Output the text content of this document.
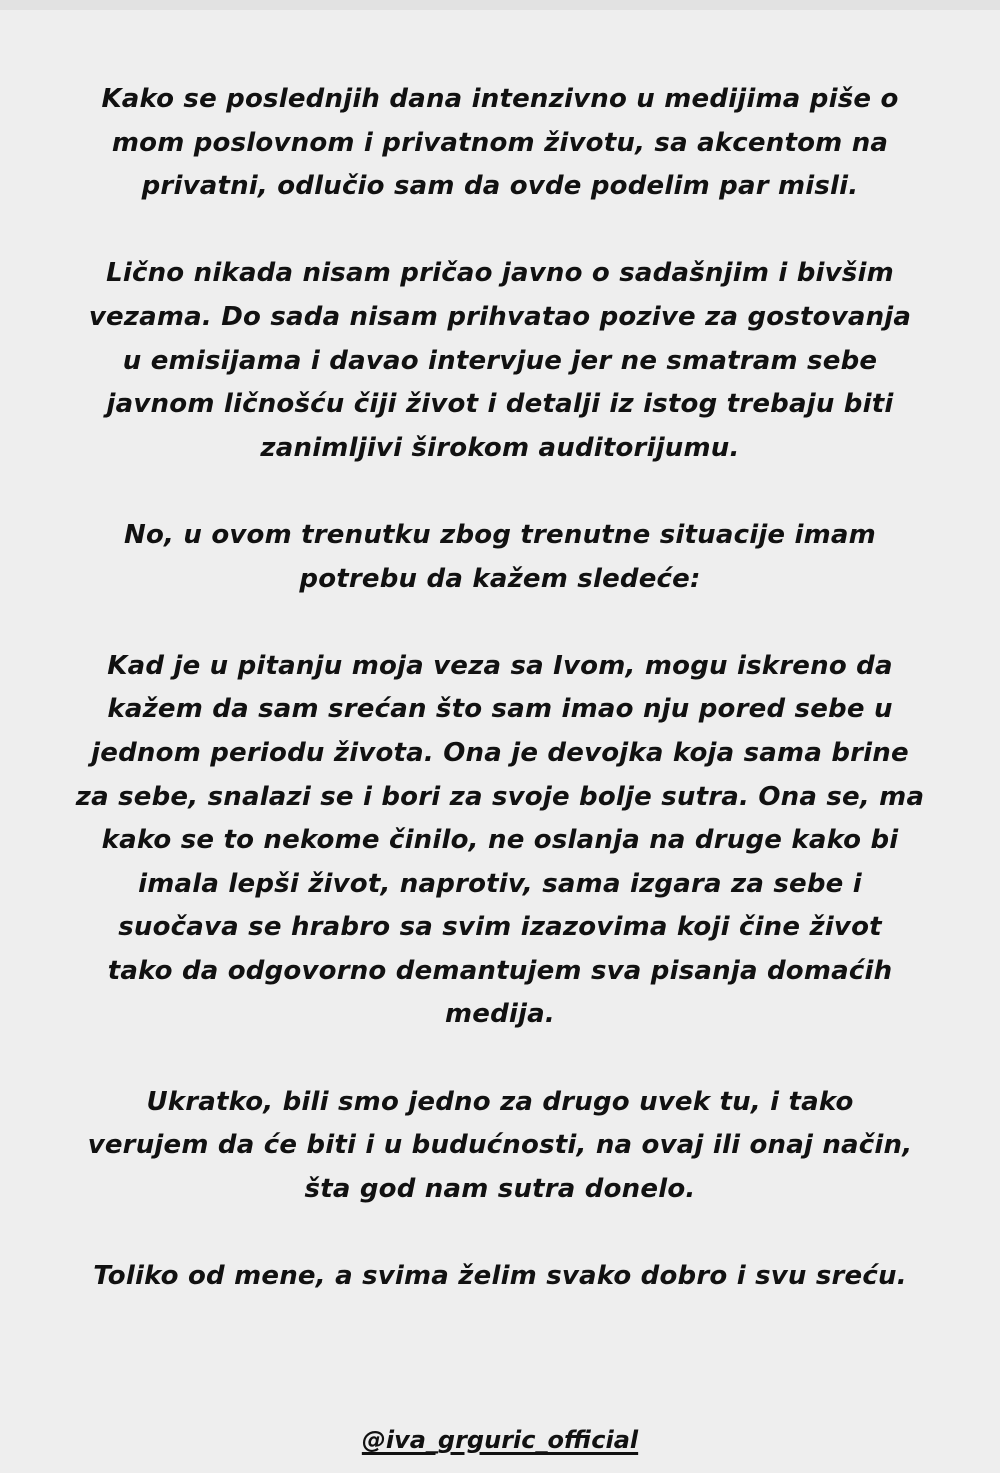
Kako se poslednjih dana intenzivno u medijima piše o
mom poslovnom i privatnom životu, sa akcentom na
privatni, odlučio sam da ovde podelim par misli.

Lično nikada nisam pričao javno o sadašnjim i bivšim
vezama. Do sada nisam prihvatao pozive za gostovanja
u emisijama i davao intervjue jer ne smatram sebe
javnom ličnošću čiji život i detalji iz istog trebaju biti
zanimljivi širokom auditorijumu.

No, u ovom trenutku zbog trenutne situacije imam
potrebu da kažem sledeće:

Kad je u pitanju moja veza sa Ivom, mogu iskreno da
kažem da sam srećan što sam imao nju pored sebe u
jednom periodu života. Ona je devojka koja sama brine
za sebe, snalazi se i bori za svoje bolje sutra. Ona se, ma
kako se to nekome činilo, ne oslanja na druge kako bi
imala lepši život, naprotiv, sama izgara za sebe i
suočava se hrabro sa svim izazovima koji čine život
tako da odgovorno demantujem sva pisanja domaćih
medija.

Ukratko, bili smo jedno za drugo uvek tu, i tako
verujem da će biti i u budućnosti, na ovaj ili onaj način,
šta god nam sutra donelo.

Toliko od mene, a svima želim svako dobro i svu sreću.

@iva_grguric_official
